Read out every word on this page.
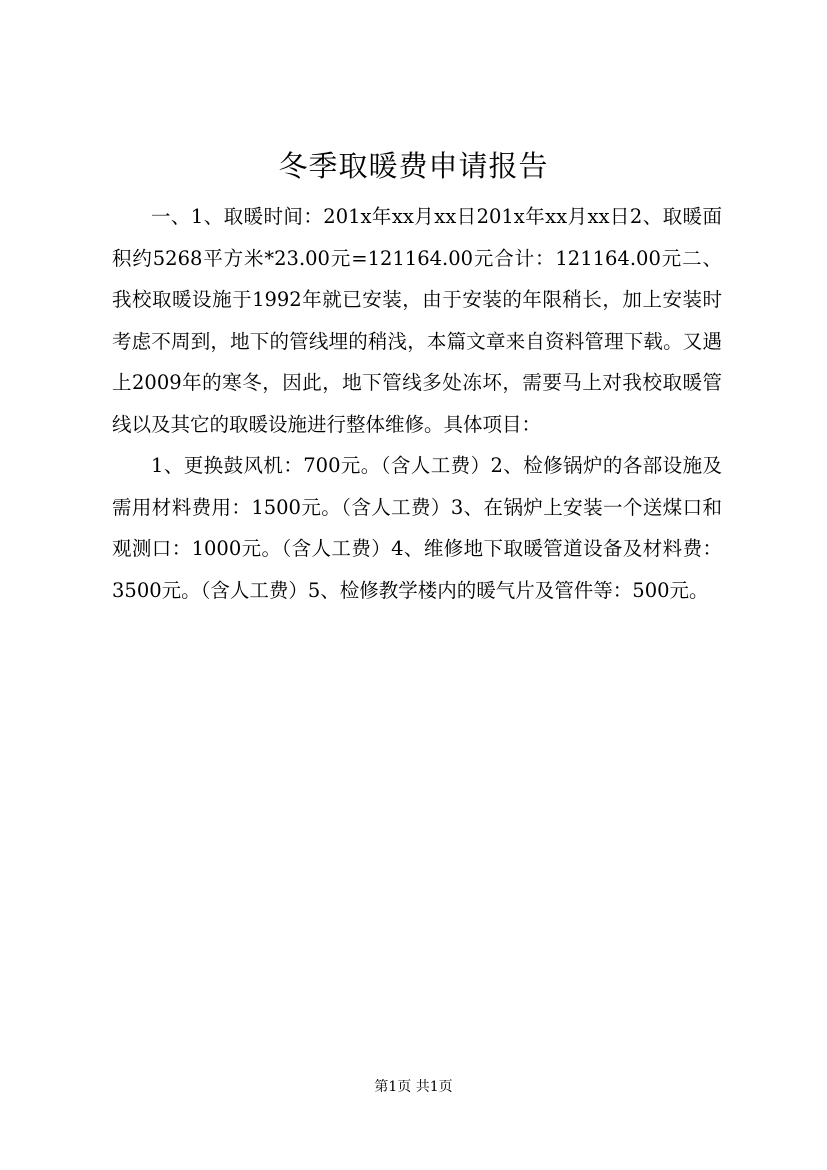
冬季取暖费申请报告

一、1、取暖时间：201x年xx月xx日201x年xx月xx日2、取暖面积约5268平方米*23.00元=121164.00元合计：121164.00元二、我校取暖设施于1992年就已安装，由于安装的年限稍长，加上安装时考虑不周到，地下的管线埋的稍浅，本篇文章来自资料管理下载。又遇上2009年的寒冬，因此，地下管线多处冻坏，需要马上对我校取暖管线以及其它的取暖设施进行整体维修。具体项目：

1、更换鼓风机：700元。（含人工费）2、检修锅炉的各部设施及需用材料费用：1500元。（含人工费）3、在锅炉上安装一个送煤口和观测口：1000元。（含人工费）4、维修地下取暖管道设备及材料费：3500元。（含人工费）5、检修教学楼内的暖气片及管件等：500元。

第1页 共1页
